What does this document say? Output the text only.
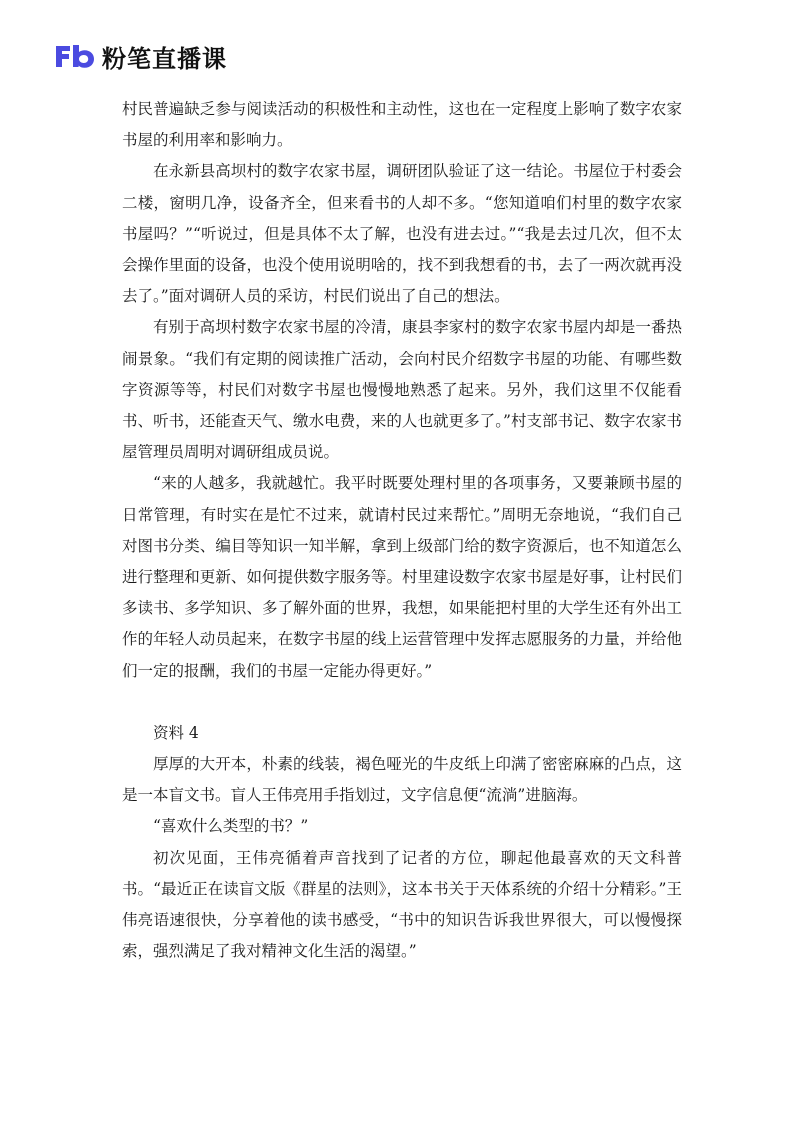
粉笔直播课

村民普遍缺乏参与阅读活动的积极性和主动性，这也在一定程度上影响了数字农家书屋的利用率和影响力。

在永新县高坝村的数字农家书屋，调研团队验证了这一结论。书屋位于村委会二楼，窗明几净，设备齐全，但来看书的人却不多。“您知道咱们村里的数字农家书屋吗？”“听说过，但是具体不太了解，也没有进去过。”“我是去过几次，但不太会操作里面的设备，也没个使用说明啥的，找不到我想看的书，去了一两次就再没去了。”面对调研人员的采访，村民们说出了自己的想法。

有别于高坝村数字农家书屋的冷清，康县李家村的数字农家书屋内却是一番热闹景象。“我们有定期的阅读推广活动，会向村民介绍数字书屋的功能、有哪些数字资源等等，村民们对数字书屋也慢慢地熟悉了起来。另外，我们这里不仅能看书、听书，还能查天气、缴水电费，来的人也就更多了。”村支部书记、数字农家书屋管理员周明对调研组成员说。

“来的人越多，我就越忙。我平时既要处理村里的各项事务，又要兼顾书屋的日常管理，有时实在是忙不过来，就请村民过来帮忙。”周明无奈地说，“我们自己对图书分类、编目等知识一知半解，拿到上级部门给的数字资源后，也不知道怎么进行整理和更新、如何提供数字服务等。村里建设数字农家书屋是好事，让村民们多读书、多学知识、多了解外面的世界，我想，如果能把村里的大学生还有外出工作的年轻人动员起来，在数字书屋的线上运营管理中发挥志愿服务的力量，并给他们一定的报酬，我们的书屋一定能办得更好。”

资料 4

厚厚的大开本，朴素的线装，褐色哑光的牛皮纸上印满了密密麻麻的凸点，这是一本盲文书。盲人王伟亮用手指划过，文字信息便“流淌”进脑海。

“喜欢什么类型的书？”

初次见面，王伟亮循着声音找到了记者的方位，聊起他最喜欢的天文科普书。“最近正在读盲文版《群星的法则》，这本书关于天体系统的介绍十分精彩。”王伟亮语速很快，分享着他的读书感受，“书中的知识告诉我世界很大，可以慢慢探索，强烈满足了我对精神文化生活的渴望。”
